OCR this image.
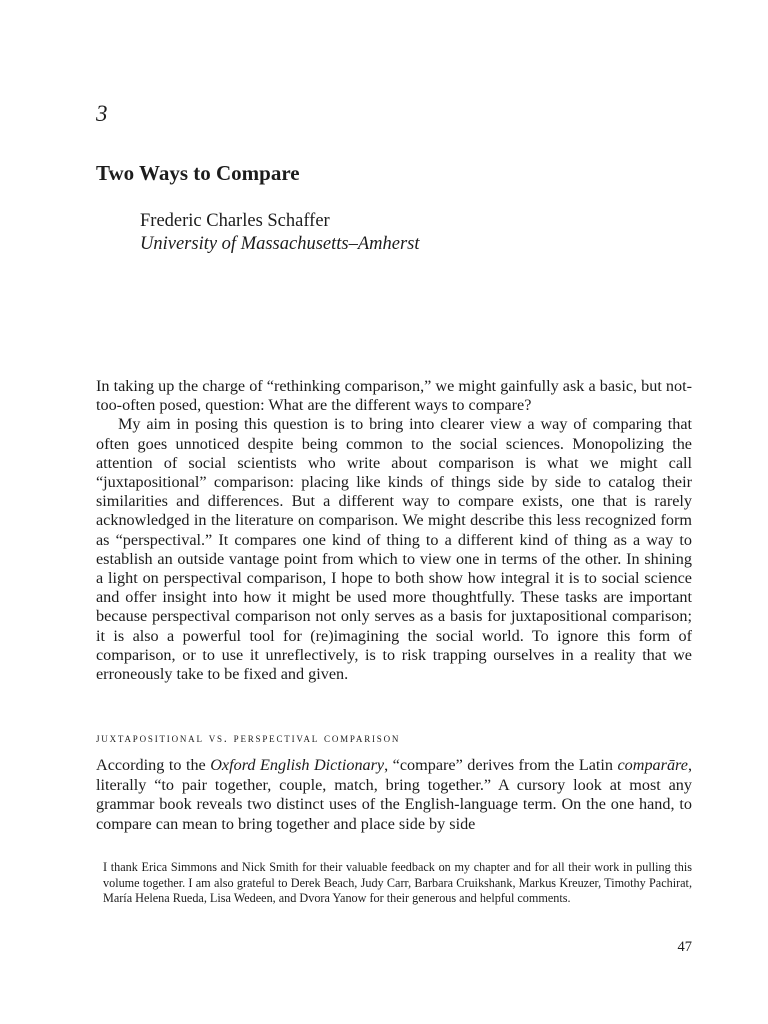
3
Two Ways to Compare
Frederic Charles Schaffer
University of Massachusetts–Amherst

In taking up the charge of “rethinking comparison,” we might gainfully ask a basic, but not-too-often posed, question: What are the different ways to compare?

My aim in posing this question is to bring into clearer view a way of comparing that often goes unnoticed despite being common to the social sciences. Monopolizing the attention of social scientists who write about comparison is what we might call “juxtapositional” comparison: placing like kinds of things side by side to catalog their similarities and differences. But a different way to compare exists, one that is rarely acknowledged in the literature on comparison. We might describe this less recognized form as “perspectival.” It compares one kind of thing to a different kind of thing as a way to establish an outside vantage point from which to view one in terms of the other. In shining a light on perspectival comparison, I hope to both show how integral it is to social science and offer insight into how it might be used more thoughtfully. These tasks are important because perspectival comparison not only serves as a basis for juxtapositional comparison; it is also a powerful tool for (re)imagining the social world. To ignore this form of comparison, or to use it unreflectively, is to risk trapping ourselves in a reality that we erroneously take to be fixed and given.

juxtapositional vs. perspectival comparison

According to the Oxford English Dictionary, “compare” derives from the Latin comparāre, literally “to pair together, couple, match, bring together.” A cursory look at most any grammar book reveals two distinct uses of the English-language term. On the one hand, to compare can mean to bring together and place side by side

I thank Erica Simmons and Nick Smith for their valuable feedback on my chapter and for all their work in pulling this volume together. I am also grateful to Derek Beach, Judy Carr, Barbara Cruikshank, Markus Kreuzer, Timothy Pachirat, María Helena Rueda, Lisa Wedeen, and Dvora Yanow for their generous and helpful comments.
47
